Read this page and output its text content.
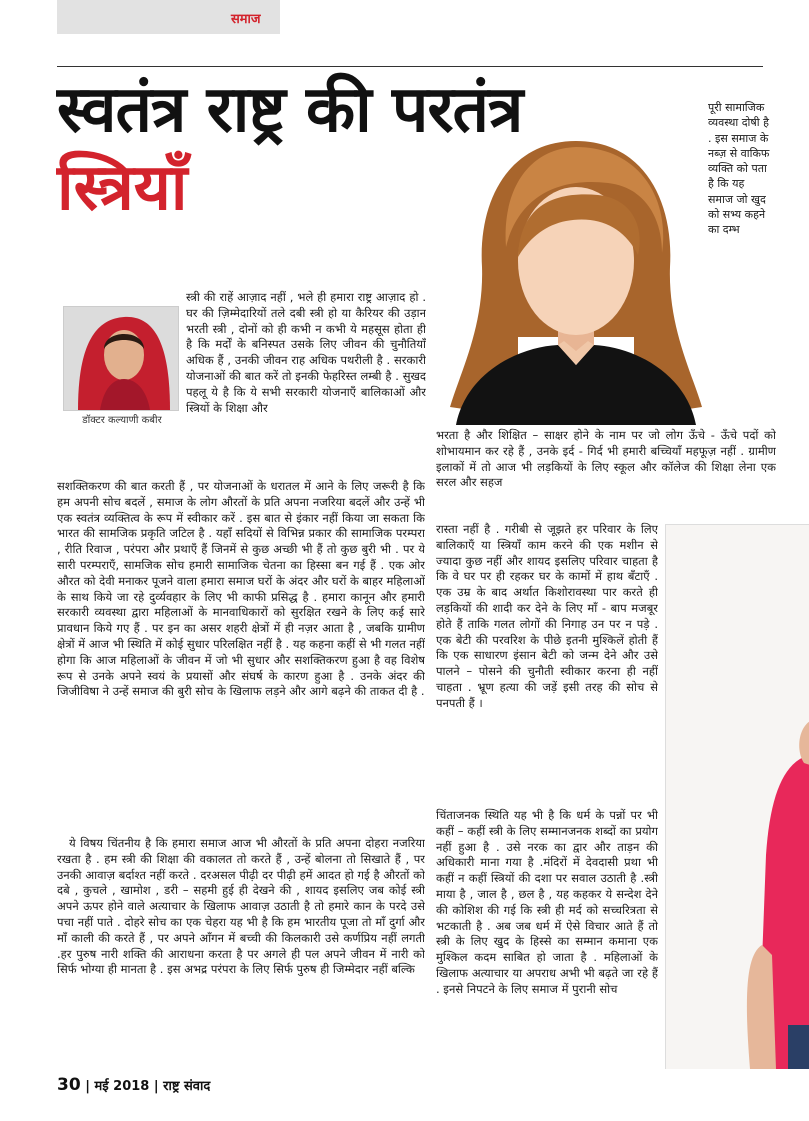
समाज
स्वतंत्र राष्ट्र की परतंत्र
स्त्रियाँ

पूरी सामाजिक व्यवस्था दोषी है . इस समाज के नब्ज़ से वाकिफ व्यक्ति को पता है कि यह समाज जो खुद को सभ्य कहने का दम्भ

भरता है और शिक्षित – साक्षर होने के नाम पर जो लोग ऊँचे - ऊँचे पदों को शोभायमान कर रहे हैं , उनके इर्द - गिर्द भी हमारी बच्चियाँ महफूज़ नहीं . ग्रामीण इलाकों में तो आज भी लड़कियों के लिए स्कूल और कॉलेज की शिक्षा लेना एक सरल और सहज

डॉक्टर कल्याणी कबीर

स्त्री की राहें आज़ाद नहीं , भले ही हमारा राष्ट्र आज़ाद हो . घर की ज़िम्मेदारियों तले दबी स्त्री हो या कैरियर की उड़ान भरती स्त्री , दोनों को ही कभी न कभी ये महसूस होता ही है कि मर्दों के बनिस्पत उसके लिए जीवन की चुनौतियाँ अधिक हैं , उनकी जीवन राह अधिक पथरीली है . सरकारी योजनाओं की बात करें तो इनकी फेहरिस्त लम्बी है . सुखद पहलू ये है कि ये सभी सरकारी योजनाएँ बालिकाओं और स्त्रियों के शिक्षा और

सशक्तिकरण की बात करती हैं , पर योजनाओं के धरातल में आने के लिए जरूरी है कि हम अपनी सोच बदलें , समाज के लोग औरतों के प्रति अपना नजरिया बदलें और उन्हें भी एक स्वतंत्र व्यक्तित्व के रूप में स्वीकार करें . इस बात से इंकार नहीं किया जा सकता कि भारत की सामजिक प्रकृति जटिल है . यहाँ सदियों से विभिन्न प्रकार की सामाजिक परम्परा , रीति रिवाज , परंपरा और प्रथाएँ हैं जिनमें से कुछ अच्छी भी हैं तो कुछ बुरी भी . पर ये सारी परम्पराएँ, सामजिक सोच हमारी सामाजिक चेतना का हिस्सा बन गई हैं . एक ओर औरत को देवी मनाकर पूजने वाला हमारा समाज घरों के अंदर और घरों के बाहर महिलाओं के साथ किये जा रहे दुर्व्यवहार के लिए भी काफी प्रसिद्ध है . हमारा कानून और हमारी सरकारी व्यवस्था द्वारा महिलाओं के मानवाधिकारों को सुरक्षित रखने के लिए कई सारे प्रावधान किये गए हैं . पर इन का असर शहरी क्षेत्रों में ही नज़र आता है , जबकि ग्रामीण क्षेत्रों में आज भी स्थिति में कोई सुधार परिलक्षित नहीं है . यह कहना कहीं से भी गलत नहीं होगा कि आज महिलाओं के जीवन में जो भी सुधार और सशक्तिकरण हुआ है वह विशेष रूप से उनके अपने स्वयं के प्रयासों और संघर्ष के कारण हुआ है . उनके अंदर की जिजीविषा ने उन्हें समाज की बुरी सोच के खिलाफ लड़ने और आगे बढ़ने की ताकत दी है .

ये विषय चिंतनीय है कि हमारा समाज आज भी औरतों के प्रति अपना दोहरा नजरिया रखता है . हम स्त्री की शिक्षा की वकालत तो करते हैं , उन्हें बोलना तो सिखाते हैं , पर उनकी आवाज़ बर्दाश्त नहीं करते . दरअसल पीढ़ी दर पीढ़ी हमें आदत हो गई है औरतों को दबे , कुचले , खामोश , डरी – सहमी हुई ही देखने की , शायद इसलिए जब कोई स्त्री अपने ऊपर होने वाले अत्याचार के खिलाफ आवाज़ उठाती है तो हमारे कान के परदे उसे पचा नहीं पाते . दोहरे सोच का एक चेहरा यह भी है कि हम भारतीय पूजा तो माँ दुर्गा और माँ काली की करते हैं , पर अपने आँगन में बच्ची की किलकारी उसे कर्णप्रिय नहीं लगती .हर पुरुष नारी शक्ति की आराधना करता है पर अगले ही पल अपने जीवन में नारी को सिर्फ भोग्या ही मानता है . इस अभद्र परंपरा के लिए सिर्फ पुरुष ही जिम्मेदार नहीं बल्कि

रास्ता नहीं है . गरीबी से जूझते हर परिवार के लिए बालिकाएँ या स्त्रियाँ काम करने की एक मशीन से ज्यादा कुछ नहीं और शायद इसलिए परिवार चाहता है कि वे घर पर ही रहकर घर के कामों में हाथ बँटाएँ . एक उम्र के बाद अर्थात किशोरावस्था पार करते ही लड़कियों की शादी कर देने के लिए माँ - बाप मजबूर होते हैं ताकि गलत लोगों की निगाह उन पर न पड़े . एक बेटी की परवरिश के पीछे इतनी मुश्किलें होती हैं कि एक साधारण इंसान बेटी को जन्म देने और उसे पालने – पोसने की चुनौती स्वीकार करना ही नहीं चाहता . भ्रूण हत्या की जड़ें इसी तरह की सोच से पनपती हैं ।

चिंताजनक स्थिति यह भी है कि धर्म के पन्नों पर भी कहीं – कहीं स्त्री के लिए सम्मानजनक शब्दों का प्रयोग नहीं हुआ है . उसे नरक का द्वार और ताड़न की अधिकारी माना गया है .मंदिरों में देवदासी प्रथा भी कहीं न कहीं स्त्रियों की दशा पर सवाल उठाती है .स्त्री माया है , जाल है , छल है , यह कहकर ये सन्देश देने की कोशिश की गई कि स्त्री ही मर्द को सच्चरित्रता से भटकाती है . अब जब धर्म में ऐसे विचार आते हैं तो स्त्री के लिए खुद के हिस्से का सम्मान कमाना एक मुश्किल कदम साबित हो जाता है . महिलाओं के खिलाफ अत्याचार या अपराध अभी भी बढ़ते जा रहे हैं . इनसे निपटने के लिए समाज में पुरानी सोच

30 | मई 2018 | राष्ट्र संवाद
